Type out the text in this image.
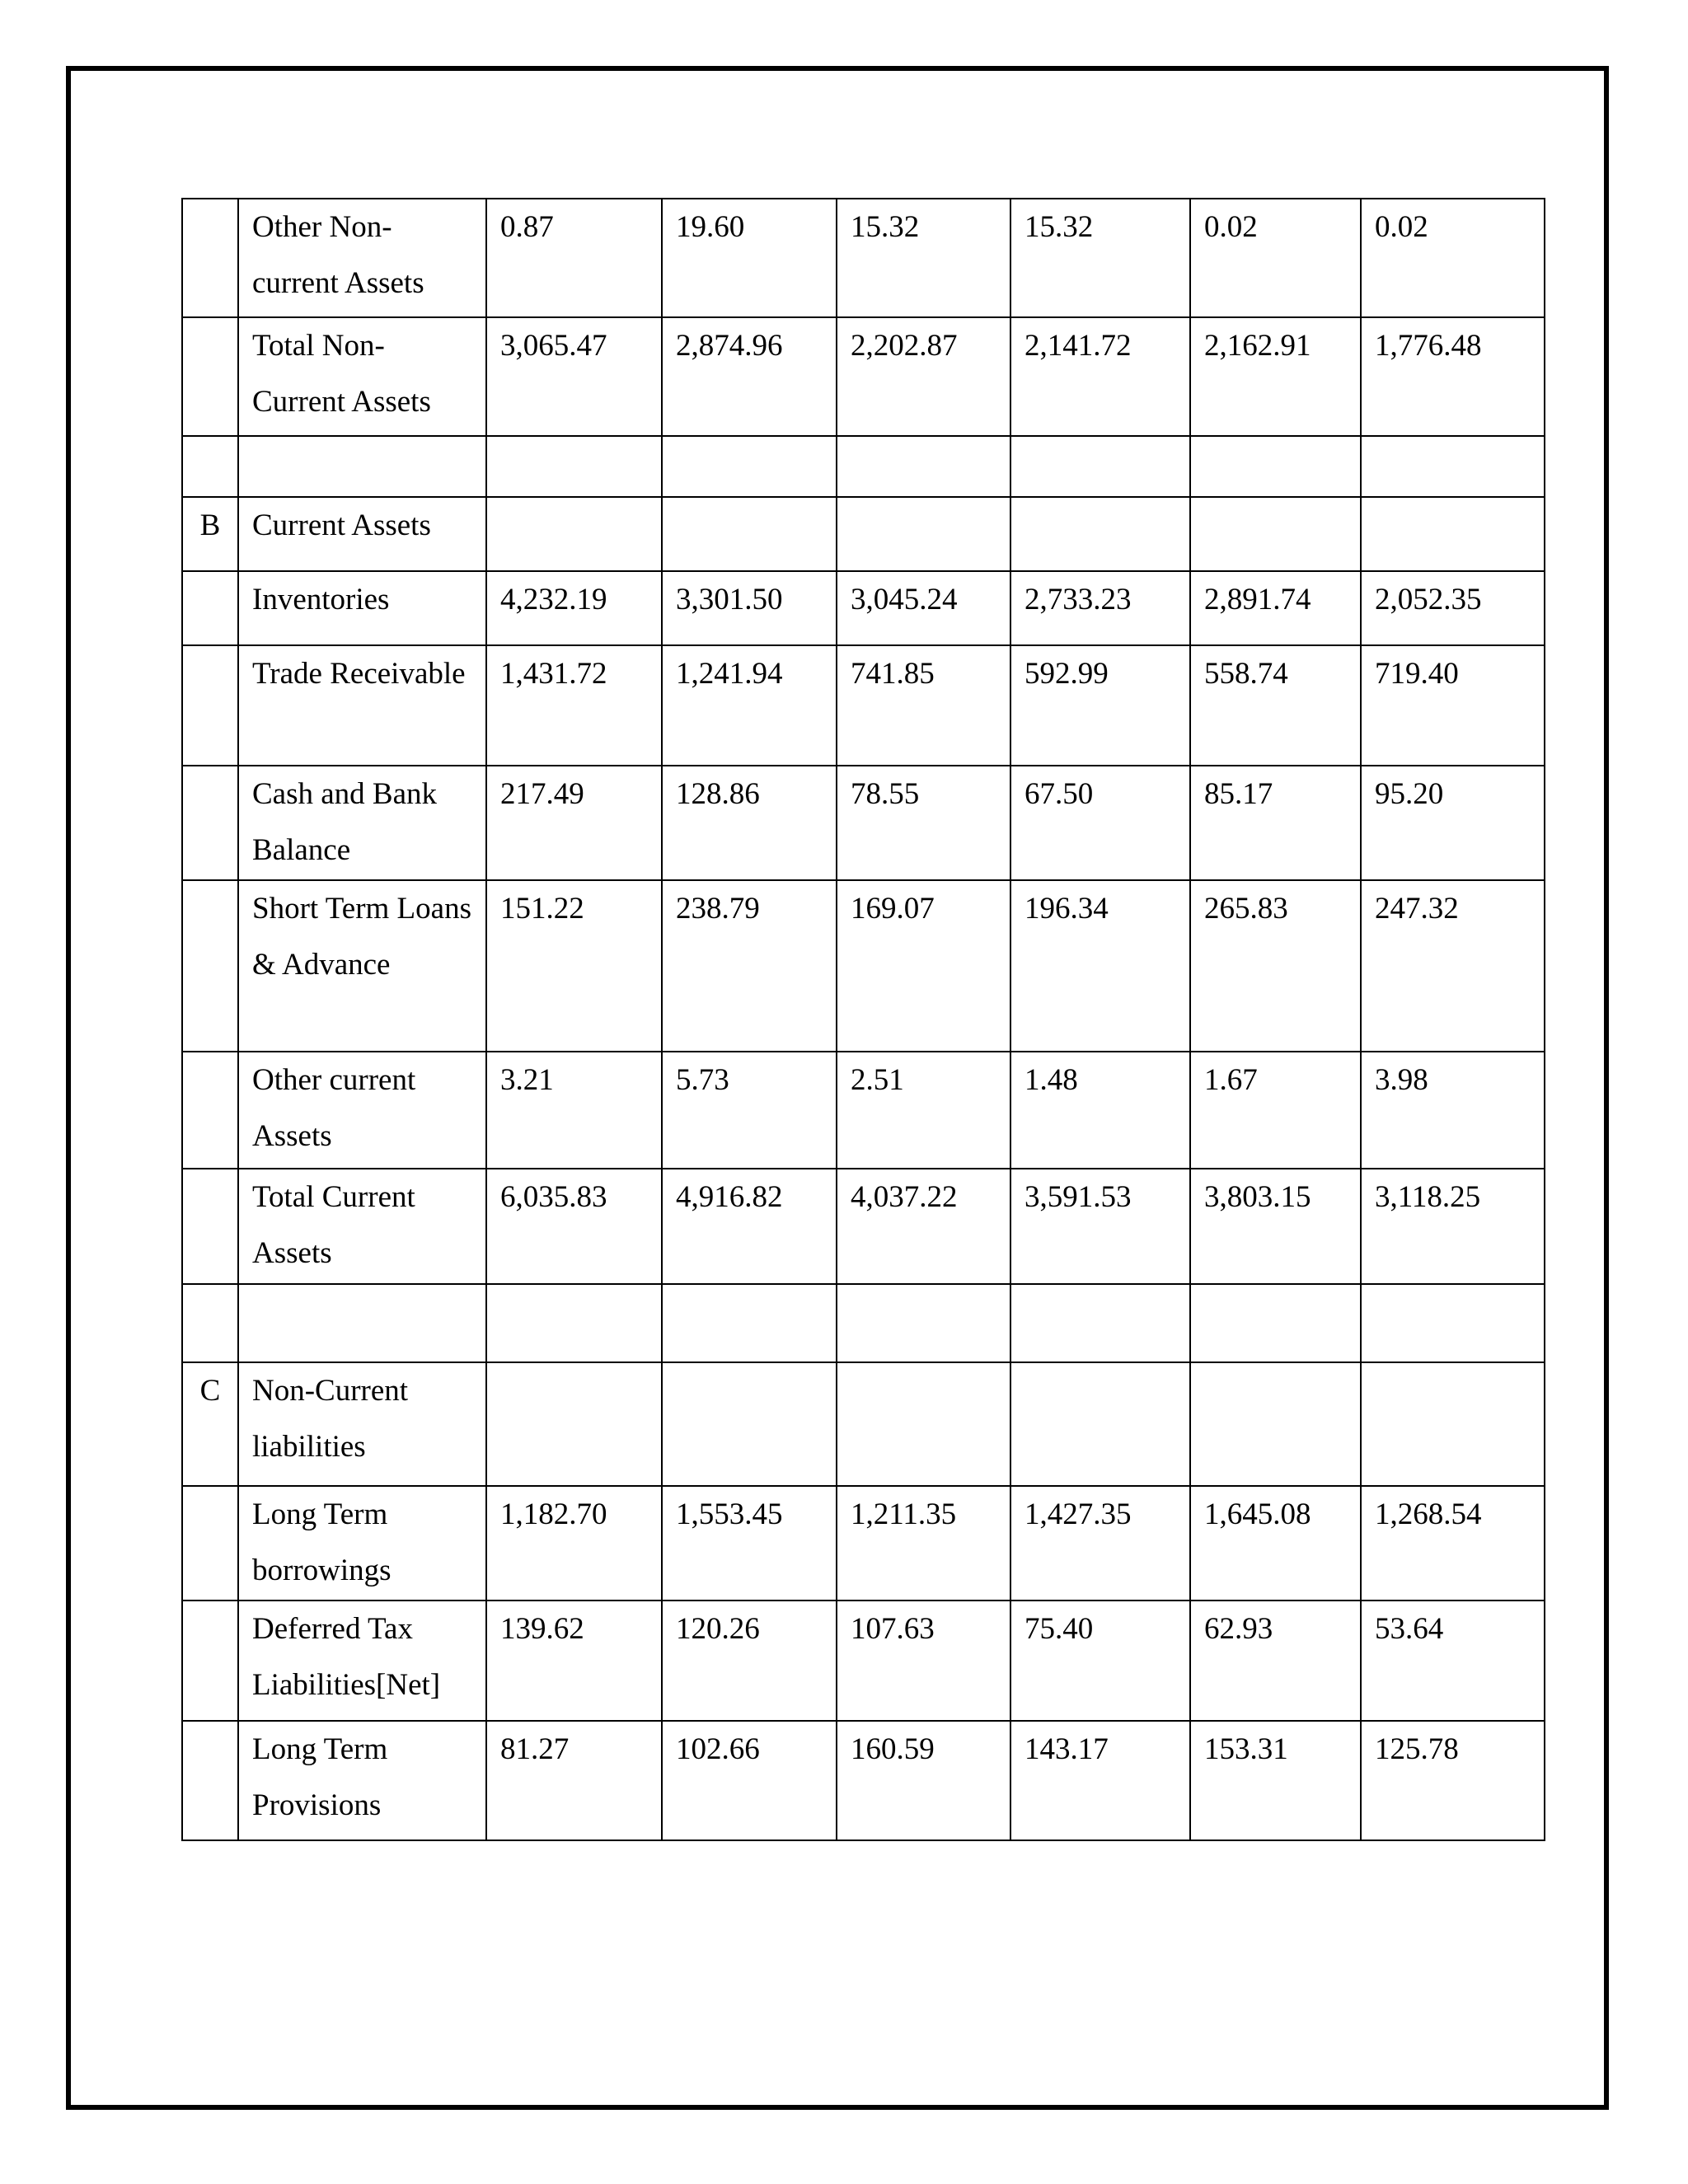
	Other Non-current Assets	0.87	19.60	15.32	15.32	0.02	0.02
	Total Non-Current Assets	3,065.47	2,874.96	2,202.87	2,141.72	2,162.91	1,776.48

B	Current Assets						
	Inventories	4,232.19	3,301.50	3,045.24	2,733.23	2,891.74	2,052.35
	Trade Receivable	1,431.72	1,241.94	741.85	592.99	558.74	719.40
	Cash and Bank Balance	217.49	128.86	78.55	67.50	85.17	95.20
	Short Term Loans & Advance	151.22	238.79	169.07	196.34	265.83	247.32
	Other current Assets	3.21	5.73	2.51	1.48	1.67	3.98
	Total Current Assets	6,035.83	4,916.82	4,037.22	3,591.53	3,803.15	3,118.25

C	Non-Current liabilities						
	Long Term borrowings	1,182.70	1,553.45	1,211.35	1,427.35	1,645.08	1,268.54
	Deferred Tax Liabilities[Net]	139.62	120.26	107.63	75.40	62.93	53.64
	Long Term Provisions	81.27	102.66	160.59	143.17	153.31	125.78
